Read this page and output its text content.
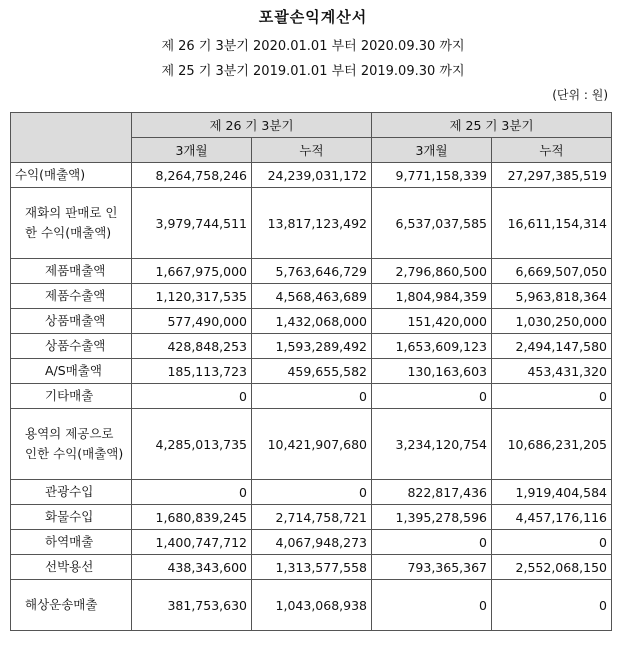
포괄손익계산서
제 26 기 3분기 2020.01.01 부터 2020.09.30 까지
제 25 기 3분기 2019.01.01 부터 2019.09.30 까지
(단위 : 원)
	제 26 기 3분기		제 25 기 3분기	
	3개월	누적	3개월	누적
수익(매출액)	8,264,758,246	24,239,031,172	9,771,158,339	27,297,385,519
재화의 판매로 인한 수익(매출액)	3,979,744,511	13,817,123,492	6,537,037,585	16,611,154,314
제품매출액	1,667,975,000	5,763,646,729	2,796,860,500	6,669,507,050
제품수출액	1,120,317,535	4,568,463,689	1,804,984,359	5,963,818,364
상품매출액	577,490,000	1,432,068,000	151,420,000	1,030,250,000
상품수출액	428,848,253	1,593,289,492	1,653,609,123	2,494,147,580
A/S매출액	185,113,723	459,655,582	130,163,603	453,431,320
기타매출	0	0	0	0
용역의 제공으로 인한 수익(매출액)	4,285,013,735	10,421,907,680	3,234,120,754	10,686,231,205
관광수입	0	0	822,817,436	1,919,404,584
화물수입	1,680,839,245	2,714,758,721	1,395,278,596	4,457,176,116
하역매출	1,400,747,712	4,067,948,273	0	0
선박용선	438,343,600	1,313,577,558	793,365,367	2,552,068,150
해상운송매출	381,753,630	1,043,068,938	0	0
